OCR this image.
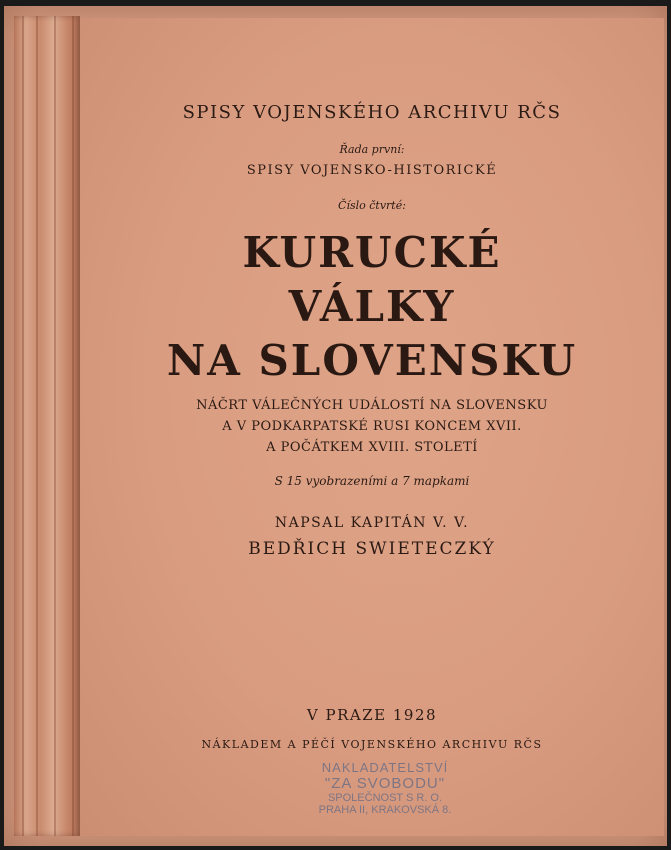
SPISY VOJENSKÉHO ARCHIVU RČS

Řada první:

SPISY VOJENSKO-HISTORICKÉ

Číslo čtvrté:

KURUCKÉ

VÁLKY

NA SLOVENSKU

NÁČRT VÁLEČNÝCH UDÁLOSTÍ NA SLOVENSKU

A V PODKARPATSKÉ RUSI KONCEM XVII.

A POČÁTKEM XVIII. STOLETÍ

S 15 vyobrazeními a 7 mapkami

NAPSAL KAPITÁN V. V.

BEDŘICH SWIETECZKÝ

V PRAZE 1928

NÁKLADEM A PÉČÍ VOJENSKÉHO ARCHIVU RČS

NAKLADATELSTVÍ
"ZA SVOBODU"
SPOLEČNOST S R. O.
PRAHA II, KRAKOVSKÁ 8.
